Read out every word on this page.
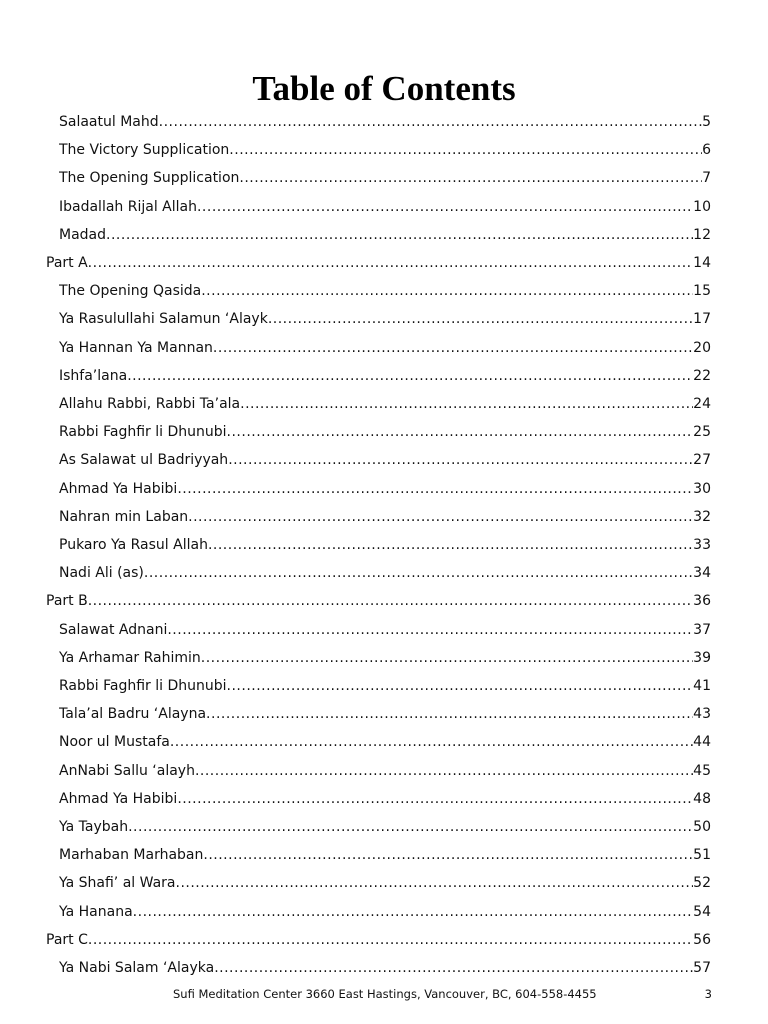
Table of Contents
Salaatul Mahd .....	5
The Victory Supplication .....	6
The Opening Supplication .....	7
Ibadallah Rijal Allah .....	10
Madad .....	12
Part A .....	14
The Opening Qasida .....	15
Ya Rasulullahi Salamun ‘Alayk .....	17
Ya Hannan Ya Mannan .....	20
Ishfa’lana .....	22
Allahu Rabbi, Rabbi Ta’ala .....	24
Rabbi Faghfir li Dhunubi .....	25
As Salawat ul Badriyyah .....	27
Ahmad Ya Habibi .....	30
Nahran min Laban .....	32
Pukaro Ya Rasul Allah .....	33
Nadi Ali (as) .....	34
Part B .....	36
Salawat Adnani .....	37
Ya Arhamar Rahimin .....	39
Rabbi Faghfir li Dhunubi .....	41
Tala’al Badru ‘Alayna .....	43
Noor ul Mustafa .....	44
AnNabi Sallu ‘alayh .....	45
Ahmad Ya Habibi .....	48
Ya Taybah .....	50
Marhaban Marhaban .....	51
Ya Shafi’ al Wara .....	52
Ya Hanana .....	54
Part C .....	56
Ya Nabi Salam ‘Alayka .....	57
Sufi Meditation Center 3660 East Hastings, Vancouver, BC, 604-558-4455	3
